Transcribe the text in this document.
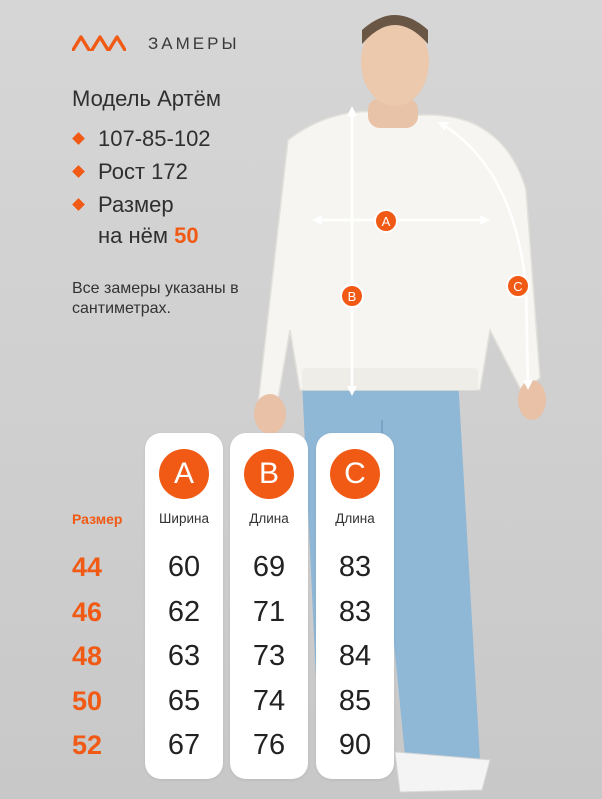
ЗАМЕРЫ
Модель Артём
107-85-102
Рост 172
Размер
на нём 50
Все замеры указаны в сантиметрах.
A
B
C
Размер
44
46
48
50
52
A
Ширина
60
62
63
65
67
B
Длина
69
71
73
74
76
C
Длина
83
83
84
85
90
